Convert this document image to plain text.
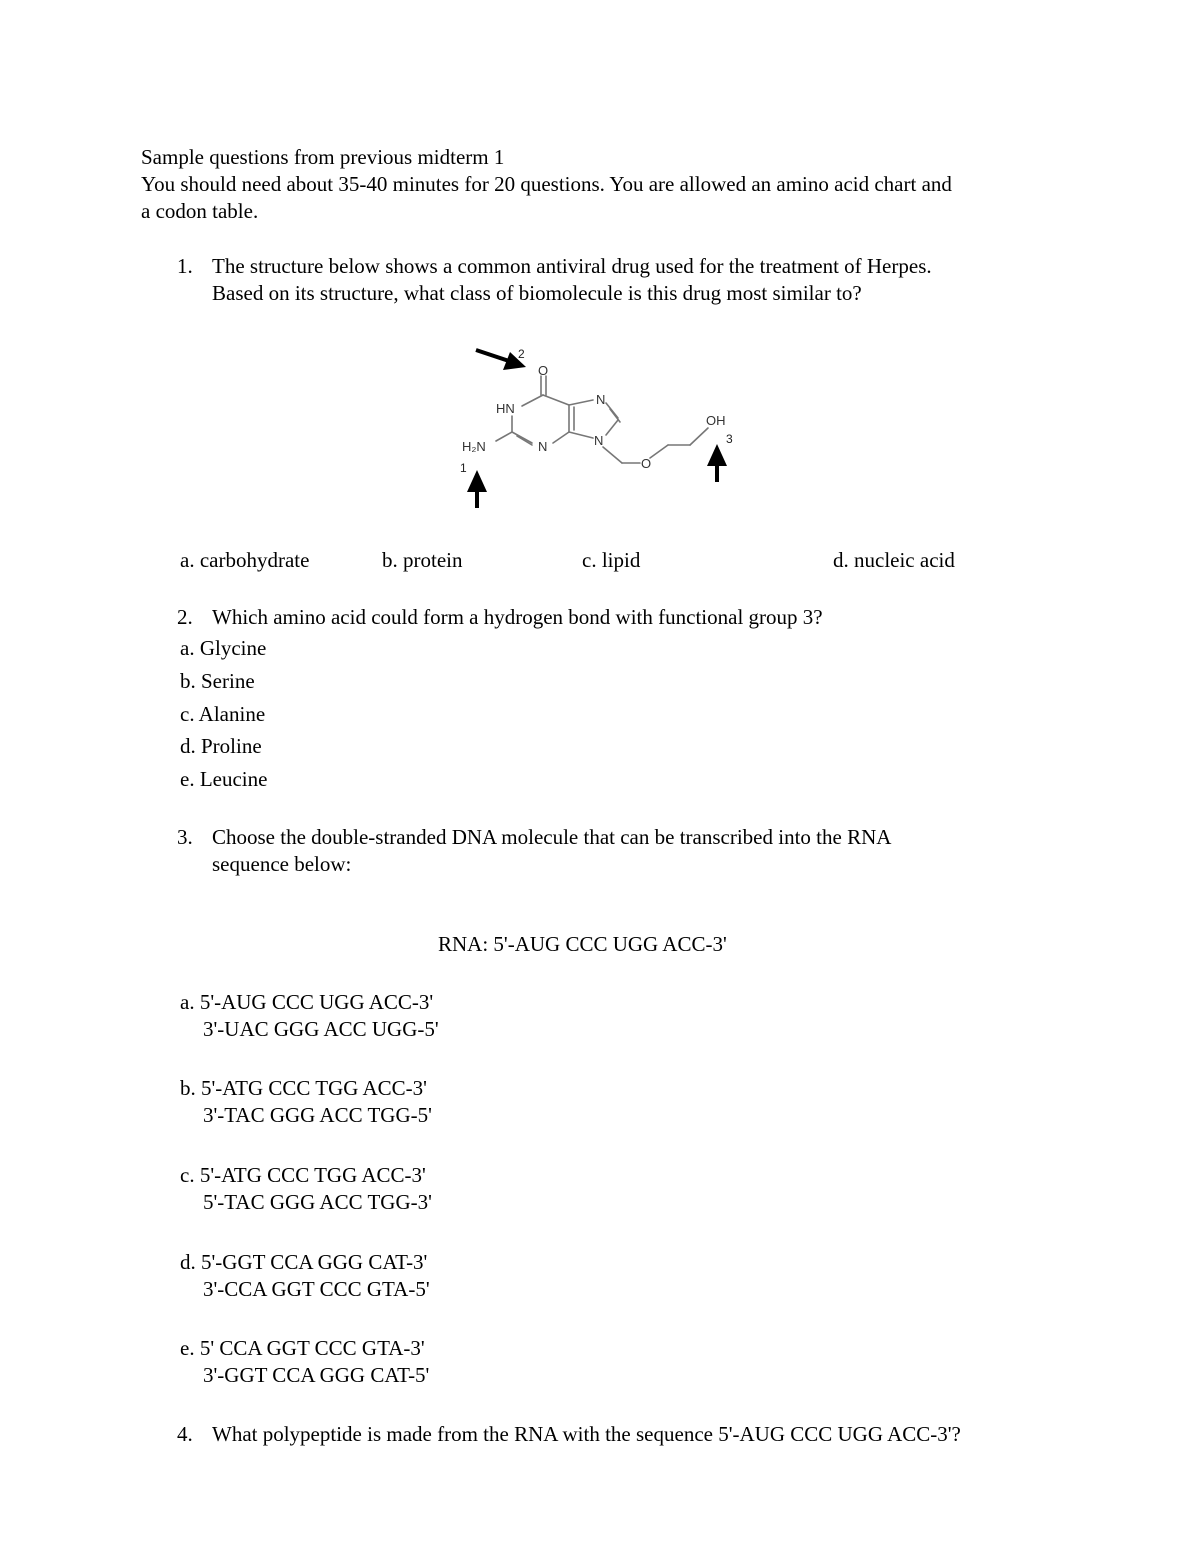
Sample questions from previous midterm 1
You should need about 35-40 minutes for 20 questions. You are allowed an amino acid chart and
a codon table.
1. The structure below shows a common antiviral drug used for the treatment of Herpes.
Based on its structure, what class of biomolecule is this drug most similar to?
O
HN
N
N	N
H₂N
O
OH
1
2
3
a. carbohydrate	b. protein	c. lipid	d. nucleic acid
2. Which amino acid could form a hydrogen bond with functional group 3?
a. Glycine
b. Serine
c. Alanine
d. Proline
e. Leucine
3. Choose the double-stranded DNA molecule that can be transcribed into the RNA
sequence below:
RNA: 5'-AUG CCC UGG ACC-3'
a. 5'-AUG CCC UGG ACC-3'
3'-UAC GGG ACC UGG-5'
b. 5'-ATG CCC TGG ACC-3'
3'-TAC GGG ACC TGG-5'
c. 5'-ATG CCC TGG ACC-3'
5'-TAC GGG ACC TGG-3'
d. 5'-GGT CCA GGG CAT-3'
3'-CCA GGT CCC GTA-5'
e. 5' CCA GGT CCC GTA-3'
3'-GGT CCA GGG CAT-5'
4. What polypeptide is made from the RNA with the sequence 5'-AUG CCC UGG ACC-3'?
